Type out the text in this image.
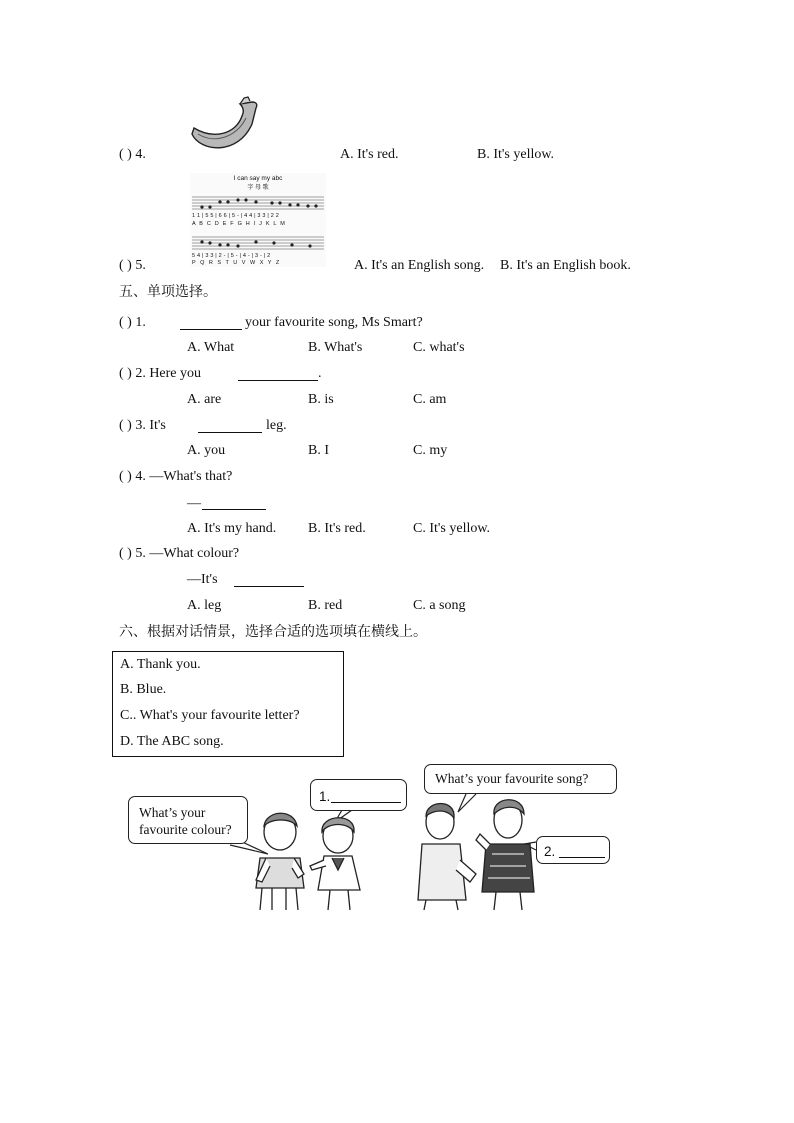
( ) 4.	A. It's red.	B. It's yellow.
I can say my abc
字 母 歌
1 1 | 5 5 | 6 6 | 5 - | 4 4 | 3 3 | 2 2
A B C D E F G H I J K L M
5 4 | 3 3 | 2 - | 5 - | 4 - | 3 - | 2
P Q R S T U V W X Y Z
( ) 5.	A. It's an English song. B. It's an English book.
五、单项选择。
( ) 1.	your favourite song, Ms Smart?
A. What	B. What's	C. what's
( ) 2. Here you	.
A. are	B. is	C. am
( ) 3. It's	leg.
A. you	B. I	C. my
( ) 4. —What's that?
—
A. It's my hand. B. It's red.	C. It's yellow.
( ) 5. —What colour?
—It's
A. leg	B. red	C. a song
六、根据对话情景，选择合适的选项填在横线上。
A. Thank you.
B. Blue.
C.. What's your favourite letter?
D. The ABC song.
What’s your
favourite colour?
1.
What’s your favourite song?
2.
